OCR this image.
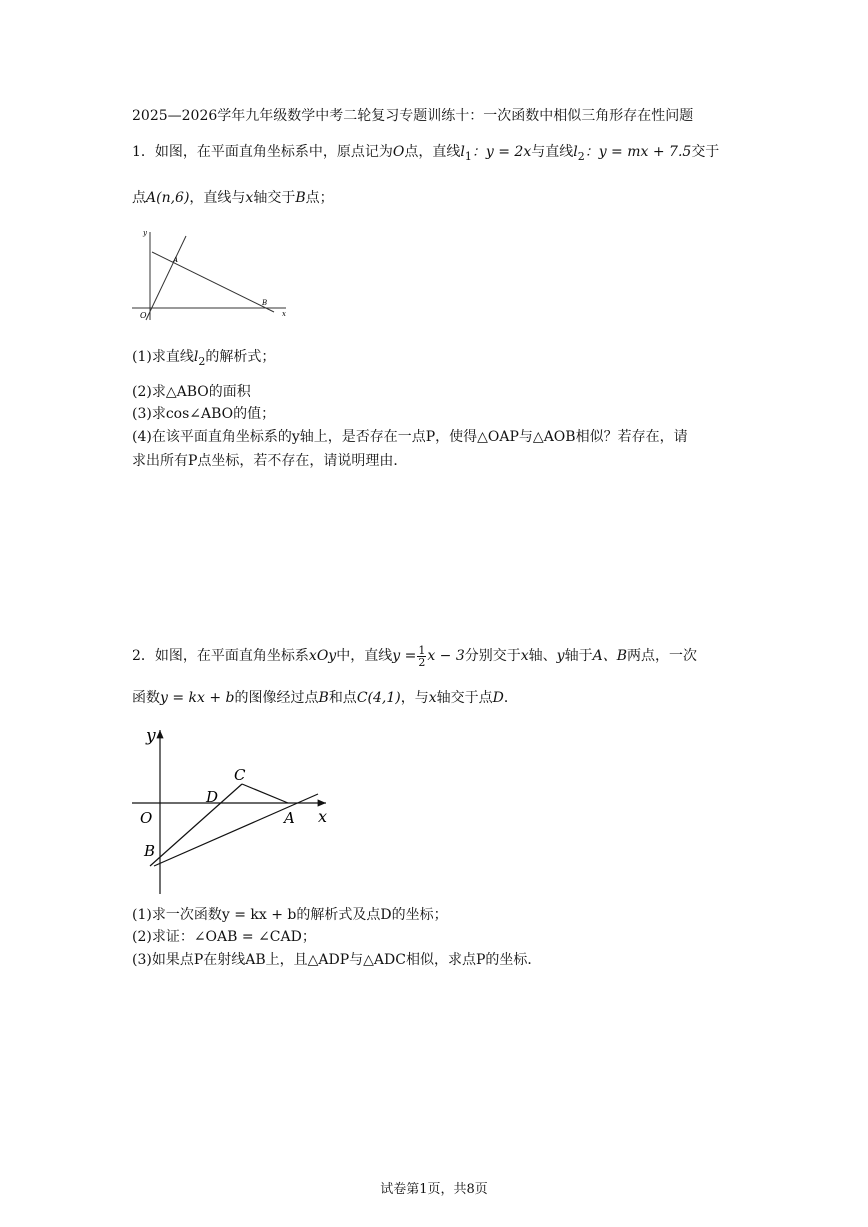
2025—2026学年九年级数学中考二轮复习专题训练十：一次函数中相似三角形存在性问题
1．如图，在平面直角坐标系中，原点记为O点，直线$l_1$：y = 2x与直线$l_2$：y = mx + 7.5交于
点A(n,6)，直线与x轴交于B点；
y
A
B
O	x
(1)求直线$l_2$的解析式；
(2)求△ABO的面积
(3)求cos∠ABO的值；
(4)在该平面直角坐标系的y轴上，是否存在一点P，使得△OAP与△AOB相似？若存在，请
求出所有P点坐标，若不存在，请说明理由．
2．如图，在平面直角坐标系xOy中，直线$y = \frac{1}{2}$ x − 3分别交于x轴、y轴于A、B两点，一次
函数y = kx + b的图像经过点B和点C(4,1)，与x轴交于点D．
y
C
D
O	A x
B
(1)求一次函数y = kx + b的解析式及点D的坐标；
(2)求证：∠OAB = ∠CAD；
(3)如果点P在射线AB上，且△ADP与△ADC相似，求点P的坐标．
试卷第1页，共8页
